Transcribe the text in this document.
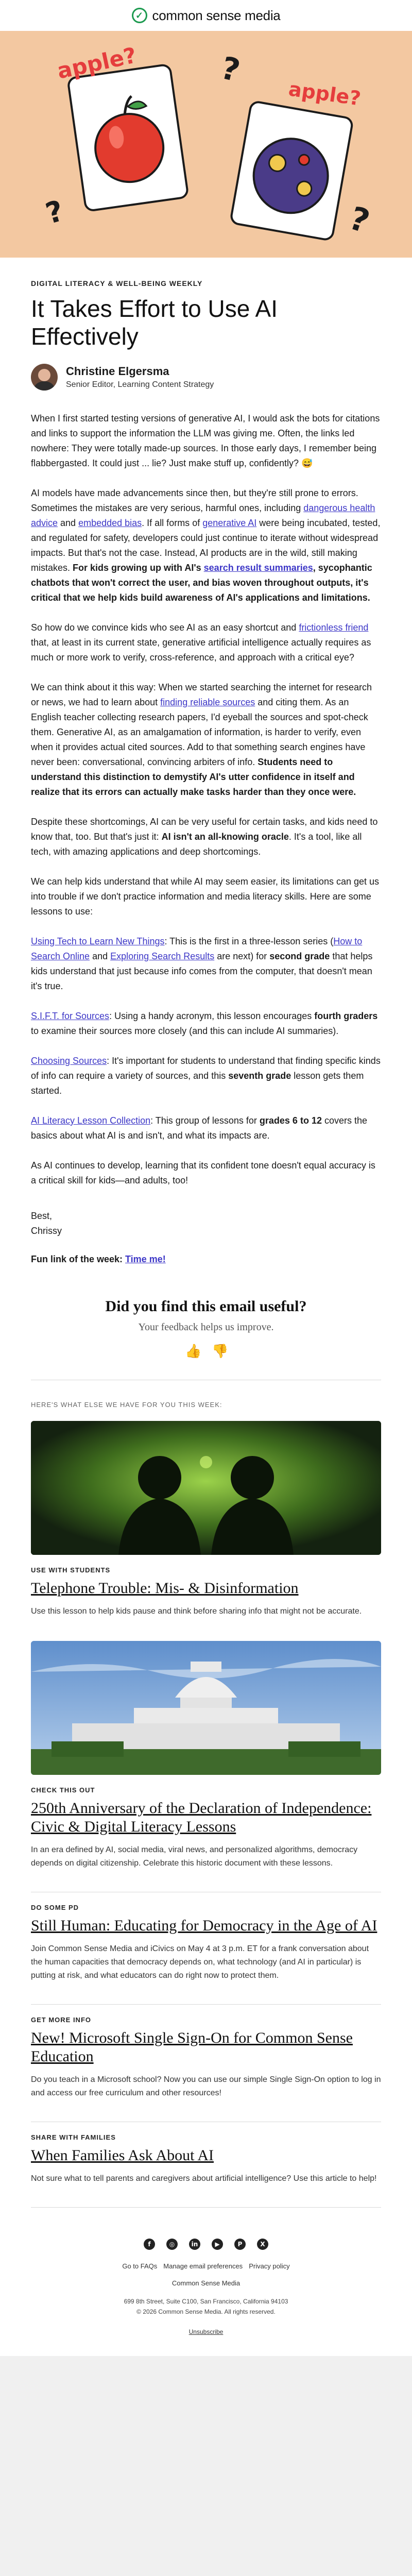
✓ common sense media
apple?
apple?
?
?	?
DIGITAL LITERACY & WELL-BEING WEEKLY
It Takes Effort to Use AI Effectively
Christine Elgersma
Senior Editor, Learning Content Strategy

When I first started testing versions of generative AI, I would ask the bots for citations and links to support the information the LLM was giving me. Often, the links led nowhere: They were totally made-up sources. In those early days, I remember being flabbergasted. It could just ... lie? Just make stuff up, confidently? 😅

AI models have made advancements since then, but they're still prone to errors. Sometimes the mistakes are very serious, harmful ones, including dangerous health advice and embedded bias. If all forms of generative AI were being incubated, tested, and regulated for safety, developers could just continue to iterate without widespread impacts. But that's not the case. Instead, AI products are in the wild, still making mistakes. For kids growing up with AI's search result summaries, sycophantic chatbots that won't correct the user, and bias woven throughout outputs, it's critical that we help kids build awareness of AI's applications and limitations.

So how do we convince kids who see AI as an easy shortcut and frictionless friend that, at least in its current state, generative artificial intelligence actually requires as much or more work to verify, cross-reference, and approach with a critical eye?

We can think about it this way: When we started searching the internet for research or news, we had to learn about finding reliable sources and citing them. As an English teacher collecting research papers, I'd eyeball the sources and spot-check them. Generative AI, as an amalgamation of information, is harder to verify, even when it provides actual cited sources. Add to that something search engines have never been: conversational, convincing arbiters of info. Students need to understand this distinction to demystify AI's utter confidence in itself and realize that its errors can actually make tasks harder than they once were.

Despite these shortcomings, AI can be very useful for certain tasks, and kids need to know that, too. But that's just it: AI isn't an all-knowing oracle. It's a tool, like all tech, with amazing applications and deep shortcomings.

We can help kids understand that while AI may seem easier, its limitations can get us into trouble if we don't practice information and media literacy skills. Here are some lessons to use:

Using Tech to Learn New Things: This is the first in a three-lesson series (How to Search Online and Exploring Search Results are next) for second grade that helps kids understand that just because info comes from the computer, that doesn't mean it's true.

S.I.F.T. for Sources: Using a handy acronym, this lesson encourages fourth graders to examine their sources more closely (and this can include AI summaries).

Choosing Sources: It's important for students to understand that finding specific kinds of info can require a variety of sources, and this seventh grade lesson gets them started.

AI Literacy Lesson Collection: This group of lessons for grades 6 to 12 covers the basics about what AI is and isn't, and what its impacts are.

As AI continues to develop, learning that its confident tone doesn't equal accuracy is a critical skill for kids—and adults, too!

Best,
Chrissy
Fun link of the week: Time me!
Did you find this email useful?
Your feedback helps us improve.
👍 👎
HERE'S WHAT ELSE WE HAVE FOR YOU THIS WEEK:
USE WITH STUDENTS
Telephone Trouble: Mis- & Disinformation
Use this lesson to help kids pause and think before sharing info that might not be accurate.
CHECK THIS OUT
250th Anniversary of the Declaration of Independence: Civic & Digital Literacy Lessons
In an era defined by AI, social media, viral news, and personalized algorithms, democracy depends on digital citizenship. Celebrate this historic document with these lessons.
DO SOME PD
Still Human: Educating for Democracy in the Age of AI
Join Common Sense Media and iCivics on May 4 at 3 p.m. ET for a frank conversation about the human capacities that democracy depends on, what technology (and AI in particular) is putting at risk, and what educators can do right now to protect them.
GET MORE INFO
New! Microsoft Single Sign-On for Common Sense Education
Do you teach in a Microsoft school? Now you can use our simple Single Sign-On option to log in and access our free curriculum and other resources!
SHARE WITH FAMILIES
When Families Ask About AI
Not sure what to tell parents and caregivers about artificial intelligence? Use this article to help!
f	◎	in	▶	P	X
Go to FAQs Manage email preferences Privacy policy
Common Sense Media
699 8th Street, Suite C100, San Francisco, California 94103
© 2026 Common Sense Media. All rights reserved.
Unsubscribe
